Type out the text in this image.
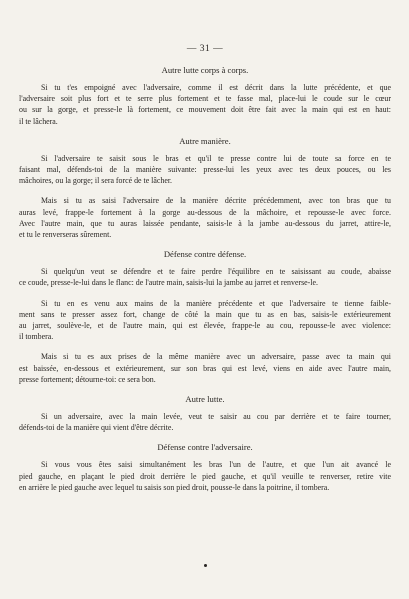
— 31 —
Autre lutte corps à corps.
Si tu t'es empoigné avec l'adversaire, comme il est décrit dans la lutte précédente, et que
l'adversaire soit plus fort et te serre plus fortement et te fasse mal, place-lui le coude sur le cœur
ou sur la gorge, et presse-le là fortement, ce mouvement doit être fait avec la main qui est en haut:
il te lâchera.
Autre manière.
Si l'adversaire te saisit sous le bras et qu'il te presse contre lui de toute sa force en te
faisant mal, défends-toi de la manière suivante: presse-lui les yeux avec tes deux pouces, ou les
mâchoires, ou la gorge; il sera forcé de te lâcher.
Mais si tu as saisi l'adversaire de la manière décrite précédemment, avec ton bras que tu
auras levé, frappe-le fortement à la gorge au-dessous de la mâchoire, et repousse-le avec force.
Avec l'autre main, que tu auras laissée pendante, saisis-le à la jambe au-dessous du jarret, attire-le,
et tu le renverseras sûrement.
Défense contre défense.
Si quelqu'un veut se défendre et te faire perdre l'équilibre en te saisissant au coude, abaisse
ce coude, presse-le-lui dans le flanc: de l'autre main, saisis-lui la jambe au jarret et renverse-le.
Si tu en es venu aux mains de la manière précédente et que l'adversaire te tienne faible-
ment sans te presser assez fort, change de côté la main que tu as en bas, saisis-le extérieurement
au jarret, soulève-le, et de l'autre main, qui est élevée, frappe-le au cou, repousse-le avec violence:
il tombera.
Mais si tu es aux prises de la même manière avec un adversaire, passe avec ta main qui
est baissée, en-dessous et extérieurement, sur son bras qui est levé, viens en aide avec l'autre main,
presse fortement; détourne-toi: ce sera bon.
Autre lutte.
Si un adversaire, avec la main levée, veut te saisir au cou par derrière et te faire tourner,
défends-toi de la manière qui vient d'être décrite.
Défense contre l'adversaire.
Si vous vous êtes saisi simultanément les bras l'un de l'autre, et que l'un ait avancé le
pied gauche, en plaçant le pied droit derrière le pied gauche, et qu'il veuille te renverser, retire vite
en arrière le pied gauche avec lequel tu saisis son pied droit, pousse-le dans la poitrine, il tombera.
